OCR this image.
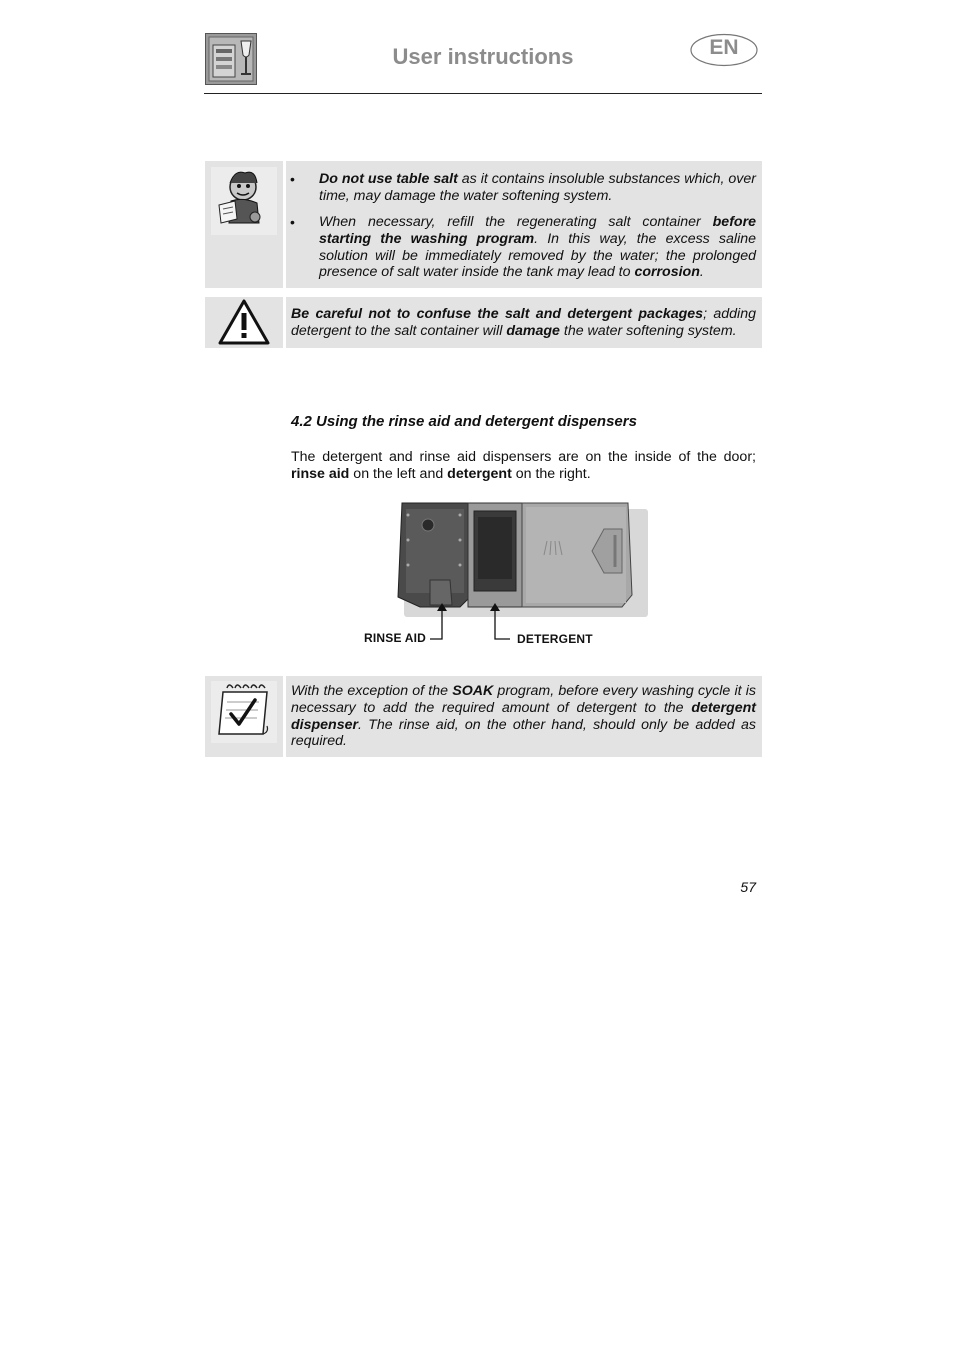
User instructions	EN
• Do not use table salt as it contains insoluble substances which, over time, may damage the water softening system.
• When necessary, refill the regenerating salt container before starting the washing program. In this way, the excess saline solution will be immediately removed by the water; the prolonged presence of salt water inside the tank may lead to corrosion.
Be careful not to confuse the salt and detergent packages; adding detergent to the salt container will damage the water softening system.
4.2 Using the rinse aid and detergent dispensers
The detergent and rinse aid dispensers are on the inside of the door; rinse aid on the left and detergent on the right.
RINSE AID	DETERGENT
With the exception of the SOAK program, before every washing cycle it is necessary to add the required amount of detergent to the detergent dispenser. The rinse aid, on the other hand, should only be added as required.
57
